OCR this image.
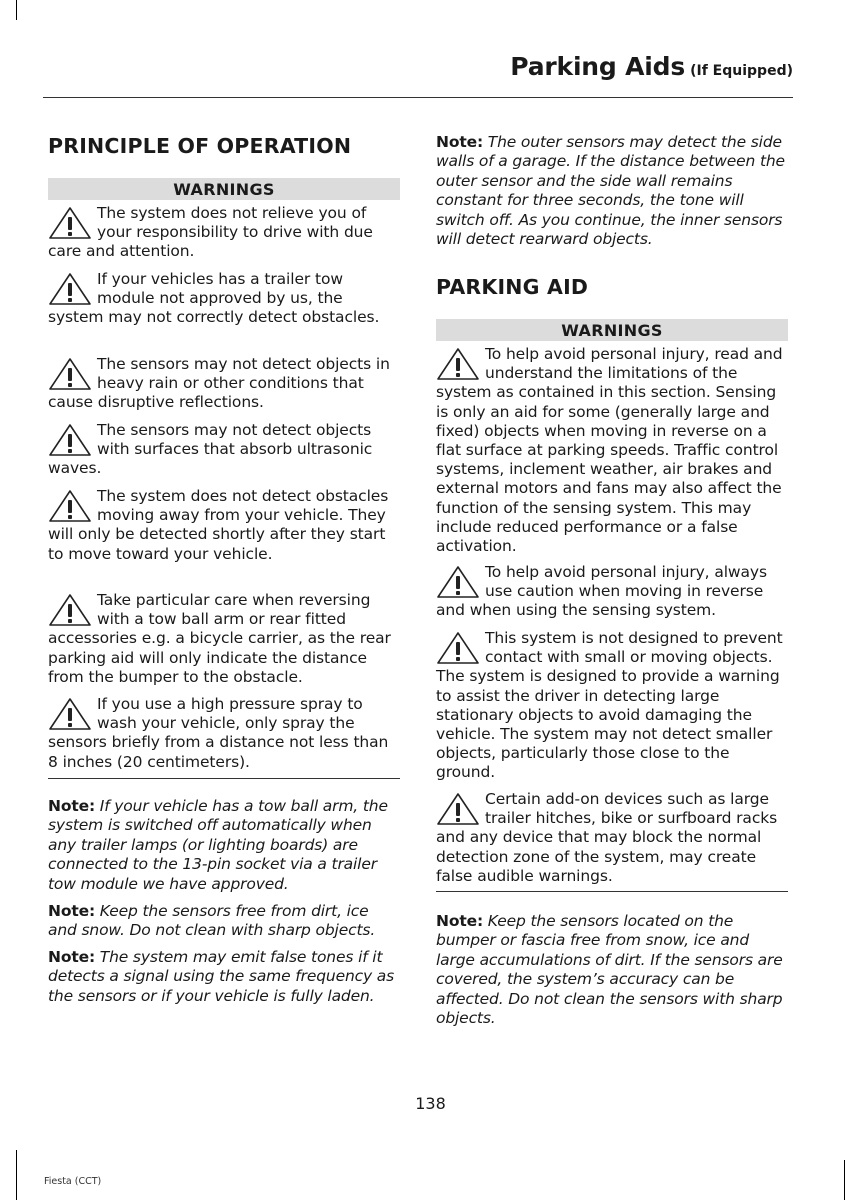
Parking Aids (If Equipped)
PRINCIPLE OF OPERATION
WARNINGS
The system does not relieve you of your responsibility to drive with due care and attention.
If your vehicles has a trailer tow module not approved by us, the system may not correctly detect obstacles.
The sensors may not detect objects in heavy rain or other conditions that cause disruptive reflections.
The sensors may not detect objects with surfaces that absorb ultrasonic waves.
The system does not detect obstacles moving away from your vehicle. They will only be detected shortly after they start to move toward your vehicle.
Take particular care when reversing with a tow ball arm or rear fitted accessories e.g. a bicycle carrier, as the rear parking aid will only indicate the distance from the bumper to the obstacle.
If you use a high pressure spray to wash your vehicle, only spray the sensors briefly from a distance not less than 8 inches (20 centimeters).
Note: If your vehicle has a tow ball arm, the system is switched off automatically when any trailer lamps (or lighting boards) are connected to the 13-pin socket via a trailer tow module we have approved.
Note: Keep the sensors free from dirt, ice and snow. Do not clean with sharp objects.
Note: The system may emit false tones if it detects a signal using the same frequency as the sensors or if your vehicle is fully laden.
Note: The outer sensors may detect the side walls of a garage. If the distance between the outer sensor and the side wall remains constant for three seconds, the tone will switch off. As you continue, the inner sensors will detect rearward objects.
PARKING AID
WARNINGS
To help avoid personal injury, read and understand the limitations of the system as contained in this section. Sensing is only an aid for some (generally large and fixed) objects when moving in reverse on a flat surface at parking speeds. Traffic control systems, inclement weather, air brakes and external motors and fans may also affect the function of the sensing system. This may include reduced performance or a false activation.
To help avoid personal injury, always use caution when moving in reverse and when using the sensing system.
This system is not designed to prevent contact with small or moving objects. The system is designed to provide a warning to assist the driver in detecting large stationary objects to avoid damaging the vehicle. The system may not detect smaller objects, particularly those close to the ground.
Certain add-on devices such as large trailer hitches, bike or surfboard racks and any device that may block the normal detection zone of the system, may create false audible warnings.
Note: Keep the sensors located on the bumper or fascia free from snow, ice and large accumulations of dirt. If the sensors are covered, the system’s accuracy can be affected. Do not clean the sensors with sharp objects.
138
Fiesta (CCT)
